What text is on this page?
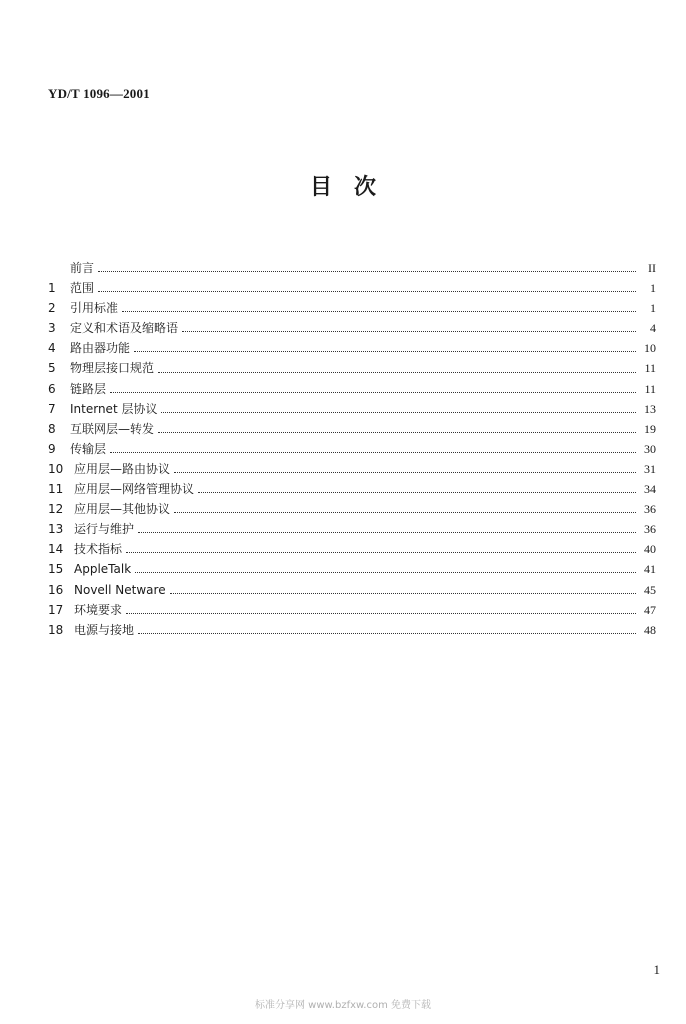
YD/T 1096—2001
目　次
前言	II
1	范围	1
2	引用标准	1
3	定义和术语及缩略语	4
4	路由器功能	10
5	物理层接口规范	11
6	链路层	11
7	Internet 层协议	13
8	互联网层—转发	19
9	传输层	30
10 应用层—路由协议	31
11 应用层—网络管理协议	34
12 应用层—其他协议	36
13 运行与维护	36
14 技术指标	40
15 AppleTalk	41
16 Novell Netware	45
17 环境要求	47
18 电源与接地	48
1
标准分享网 www.bzfxw.com 免费下载
